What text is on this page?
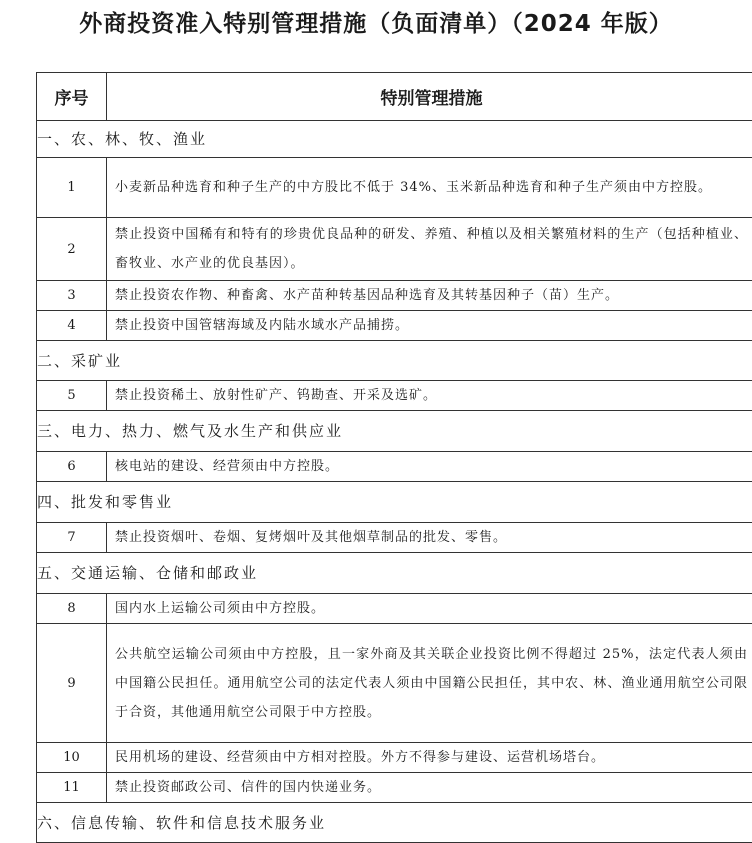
外商投资准入特别管理措施（负面清单）（2024 年版）
序号	特别管理措施
一、农、林、牧、渔业	
1	小麦新品种选育和种子生产的中方股比不低于 34%、玉米新品种选育和种子生产须由中方控股。
2	禁止投资中国稀有和特有的珍贵优良品种的研发、养殖、种植以及相关繁殖材料的生产（包括种植业、畜牧业、水产业的优良基因）。
3	禁止投资农作物、种畜禽、水产苗种转基因品种选育及其转基因种子（苗）生产。
4	禁止投资中国管辖海域及内陆水域水产品捕捞。
二、采矿业	
5	禁止投资稀土、放射性矿产、钨勘查、开采及选矿。
三、电力、热力、燃气及水生产和供应业	
6	核电站的建设、经营须由中方控股。
四、批发和零售业	
7	禁止投资烟叶、卷烟、复烤烟叶及其他烟草制品的批发、零售。
五、交通运输、仓储和邮政业	
8	国内水上运输公司须由中方控股。
9	公共航空运输公司须由中方控股，且一家外商及其关联企业投资比例不得超过 25%，法定代表人须由中国籍公民担任。通用航空公司的法定代表人须由中国籍公民担任，其中农、林、渔业通用航空公司限于合资，其他通用航空公司限于中方控股。
10	民用机场的建设、经营须由中方相对控股。外方不得参与建设、运营机场塔台。
11	禁止投资邮政公司、信件的国内快递业务。
六、信息传输、软件和信息技术服务业	
